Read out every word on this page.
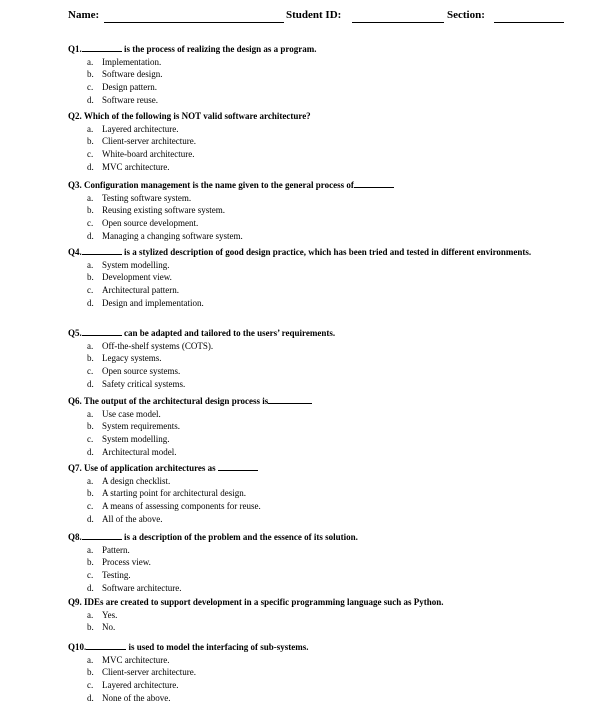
Name:	Student ID:	Section:
Q1.	is the process of realizing the design as a program.
a. Implementation.
b. Software design.
c. Design pattern.
d. Software reuse.
Q2. Which of the following is NOT valid software architecture?
a. Layered architecture.
b. Client-server architecture.
c. White-board architecture.
d. MVC architecture.
Q3. Configuration management is the name given to the general process of
a. Testing software system.
b. Reusing existing software system.
c. Open source development.
d. Managing a changing software system.
Q4.	is a stylized description of good design practice, which has been tried and tested in different environments.
a. System modelling.
b. Development view.
c. Architectural pattern.
d. Design and implementation.
Q5.	can be adapted and tailored to the users’ requirements.
a. Off-the-shelf systems (COTS).
b. Legacy systems.
c. Open source systems.
d. Safety critical systems.
Q6. The output of the architectural design process is
a. Use case model.
b. System requirements.
c. System modelling.
d. Architectural model.
Q7. Use of application architectures as
a. A design checklist.
b. A starting point for architectural design.
c. A means of assessing components for reuse.
d. All of the above.
Q8.	is a description of the problem and the essence of its solution.
a. Pattern.
b. Process view.
c. Testing.
d. Software architecture.
Q9. IDEs are created to support development in a specific programming language such as Python.
a. Yes.
b. No.
Q10.	is used to model the interfacing of sub-systems.
a. MVC architecture.
b. Client-server architecture.
c. Layered architecture.
d. None of the above.
